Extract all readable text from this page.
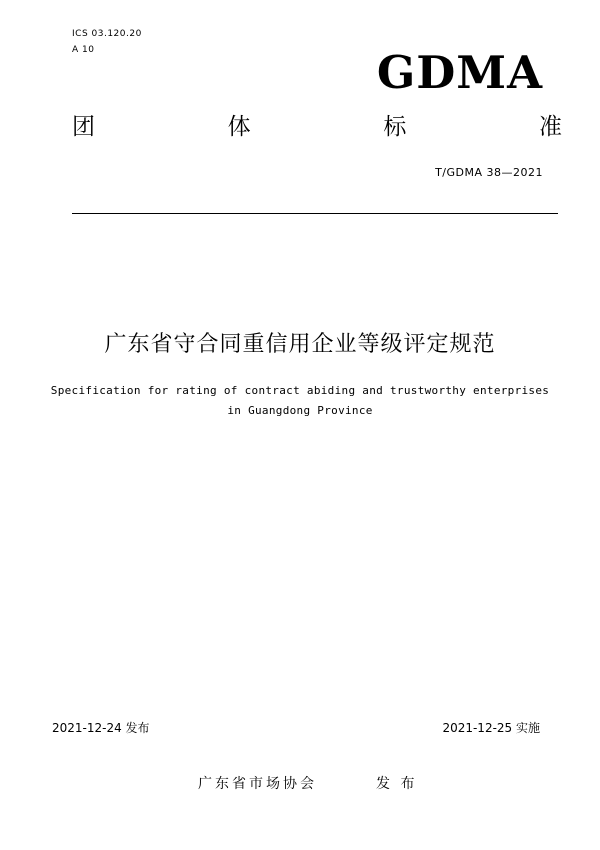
ICS 03.120.20
A 10	GDMA
团	体	标	准
T/GDMA 38—2021
广东省守合同重信用企业等级评定规范
Specification for rating of contract abiding and trustworthy enterprises
in Guangdong Province
2021-12-24 发布	2021-12-25 实施
广东省市场协会	发 布
